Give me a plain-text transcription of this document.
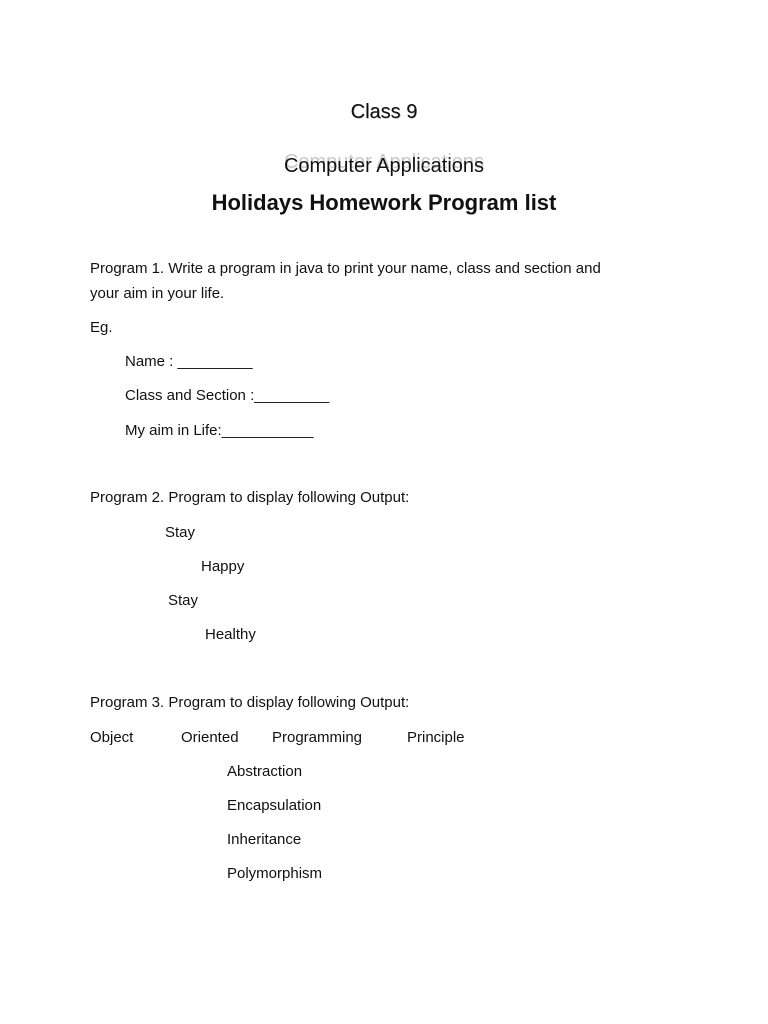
Class 9
Computer Applications
Holidays Homework Program list
Program 1. Write a program in java to print your name, class and section and
your aim in your life.
Eg.
Name : _________
Class and Section :_________
My aim in Life:___________
Program 2. Program to display following Output:
Stay
Happy
Stay
Healthy
Program 3. Program to display following Output:
Object	Oriented Programming	Principle
Abstraction
Encapsulation
Inheritance
Polymorphism
